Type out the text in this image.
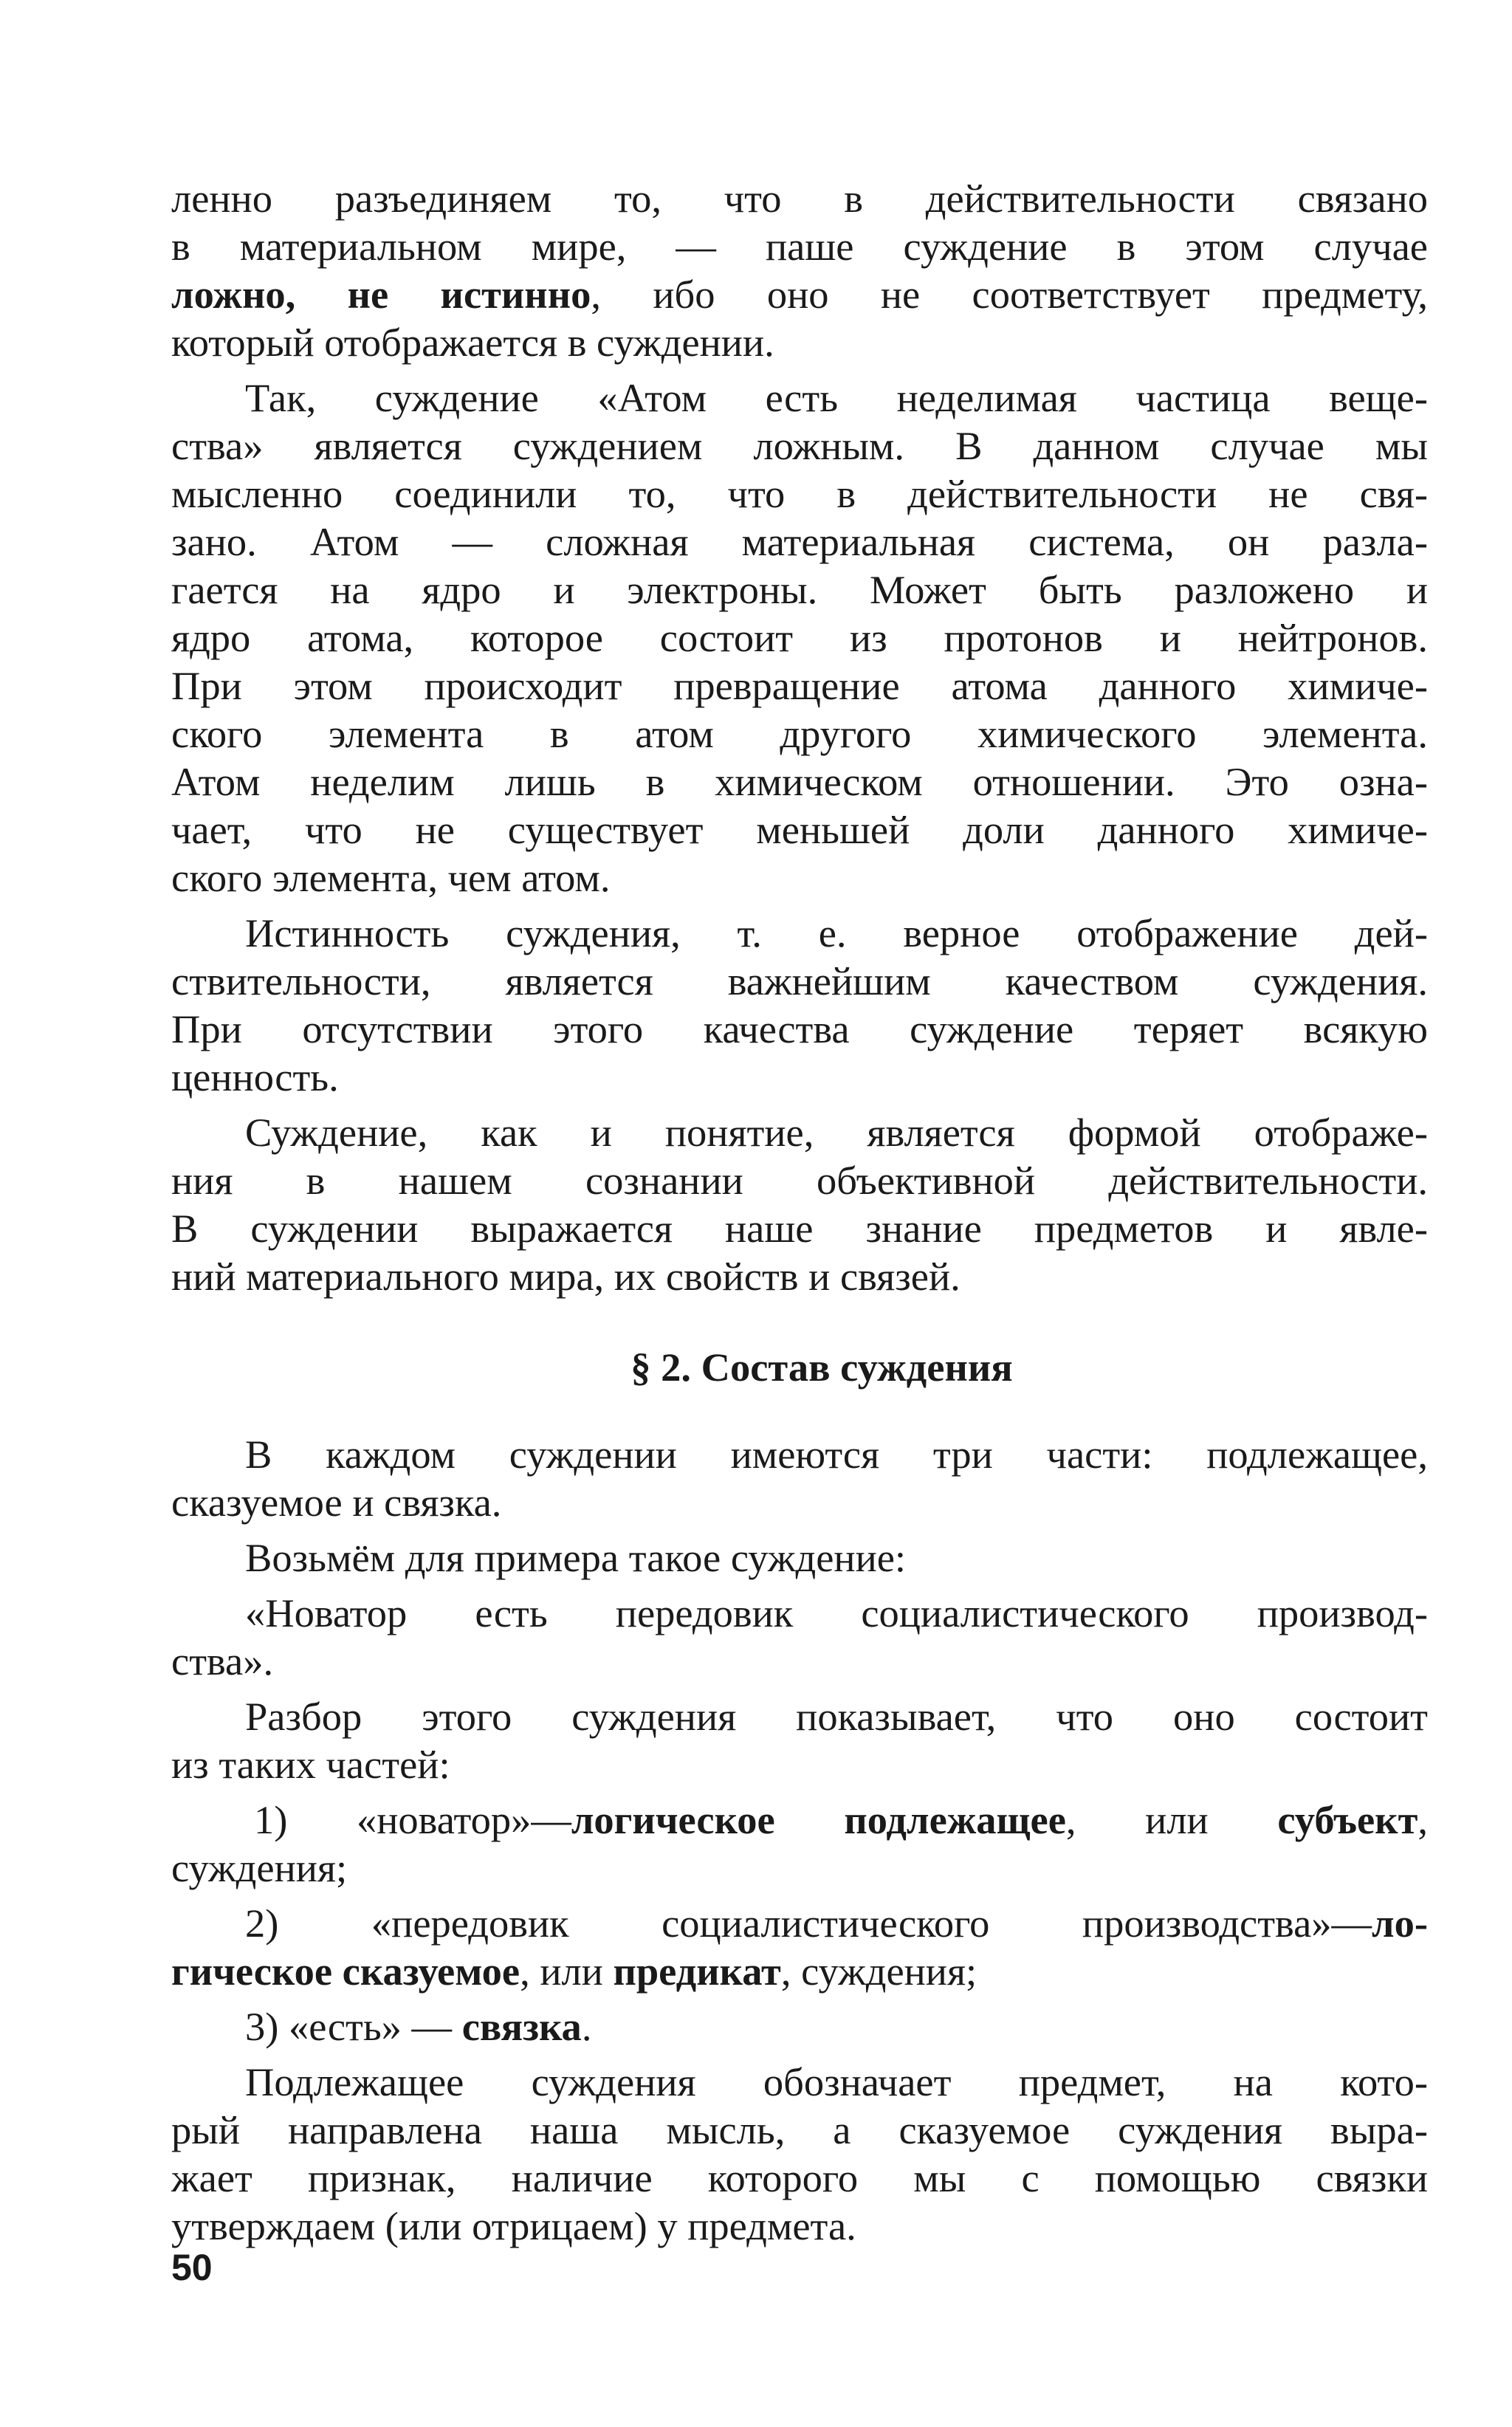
ленно разъединяем то, что в действительности связано
в материальном мире, — паше суждение в этом случае
ложно, не истинно, ибо оно не соответствует предмету,
который отображается в суждении.
Так, суждение «Атом есть неделимая частица веще-
ства» является суждением ложным. В данном случае мы
мысленно соединили то, что в действительности не свя-
зано. Атом — сложная материальная система, он разла-
гается на ядро и электроны. Может быть разложено и
ядро атома, которое состоит из протонов и нейтронов.
При этом происходит превращение атома данного химиче-
ского элемента в атом другого химического элемента.
Атом неделим лишь в химическом отношении. Это озна-
чает, что не существует меньшей доли данного химиче-
ского элемента, чем атом.
Истинность суждения, т. е. верное отображение дей-
ствительности, является важнейшим качеством суждения.
При отсутствии этого качества суждение теряет всякую
ценность.
Суждение, как и понятие, является формой отображе-
ния в нашем сознании объективной действительности.
В суждении выражается наше знание предметов и явле-
ний материального мира, их свойств и связей.
§ 2. Состав суждения
В каждом суждении имеются три части: подлежащее,
сказуемое и связка.
Возьмём для примера такое суждение:
«Новатор есть передовик социалистического производ-
ства».
Разбор этого суждения показывает, что оно состоит
из таких частей:
1) «новатор»—логическое подлежащее, или субъект,
суждения;
2) «передовик социалистического производства»—ло-
гическое сказуемое, или предикат, суждения;
3) «есть» — связка.
Подлежащее суждения обозначает предмет, на кото-
рый направлена наша мысль, а сказуемое суждения выра-
жает признак, наличие которого мы с помощью связки
утверждаем (или отрицаем) у предмета.
50
